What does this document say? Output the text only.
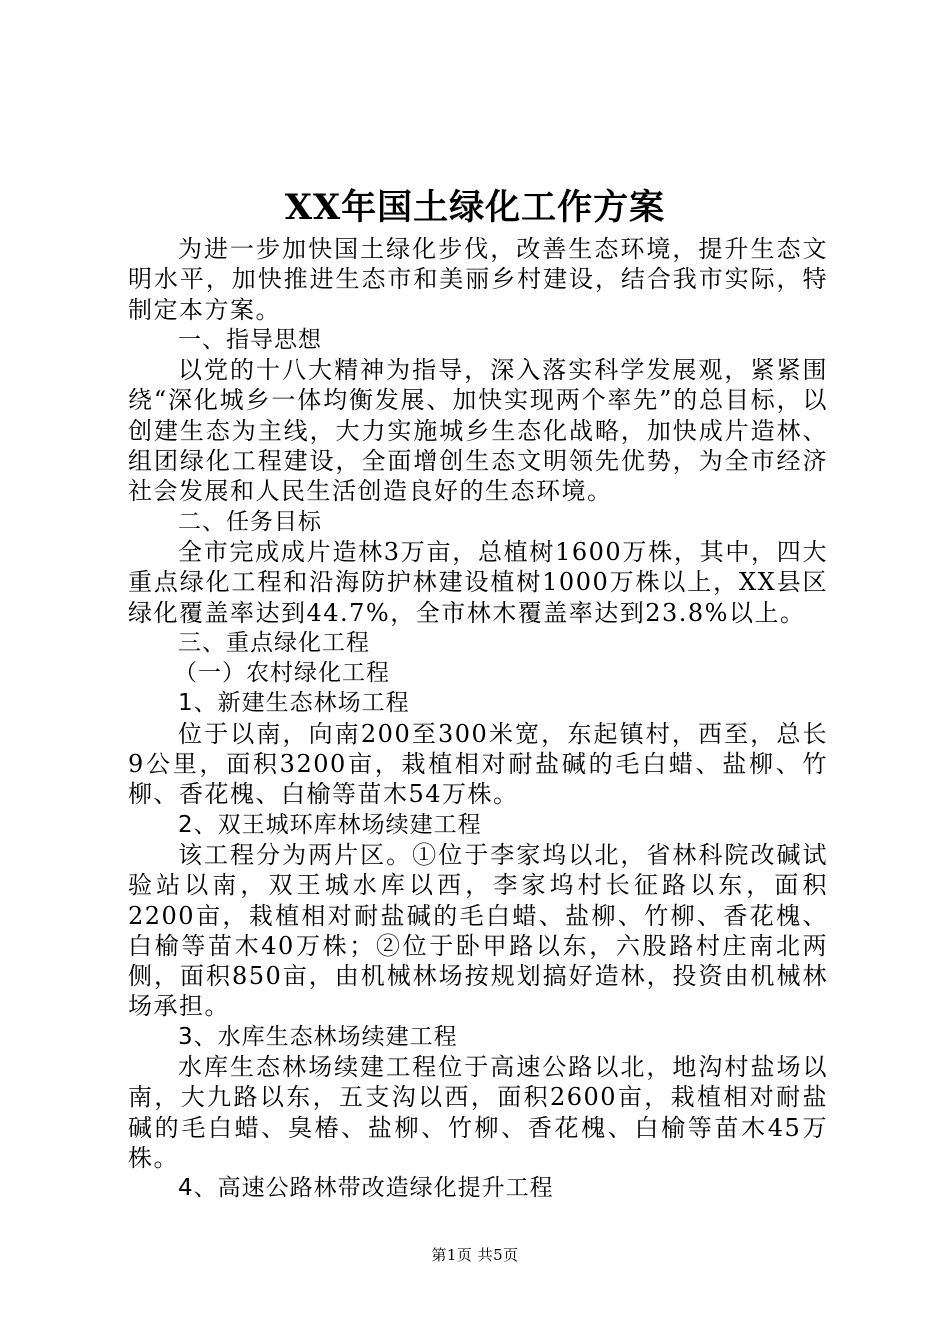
XX年国土绿化工作方案

为进一步加快国土绿化步伐，改善生态环境，提升生态文明水平，加快推进生态市和美丽乡村建设，结合我市实际，特制定本方案。

一、指导思想

以党的十八大精神为指导，深入落实科学发展观，紧紧围绕“深化城乡一体均衡发展、加快实现两个率先”的总目标，以创建生态为主线，大力实施城乡生态化战略，加快成片造林、组团绿化工程建设，全面增创生态文明领先优势，为全市经济社会发展和人民生活创造良好的生态环境。

二、任务目标

全市完成成片造林3万亩，总植树1600万株，其中，四大重点绿化工程和沿海防护林建设植树1000万株以上，XX县区绿化覆盖率达到44.7%，全市林木覆盖率达到23.8%以上。

三、重点绿化工程

（一）农村绿化工程

1、新建生态林场工程

位于以南，向南200至300米宽，东起镇村，西至，总长9公里，面积3200亩，栽植相对耐盐碱的毛白蜡、盐柳、竹柳、香花槐、白榆等苗木54万株。

2、双王城环库林场续建工程

该工程分为两片区。①位于李家坞以北，省林科院改碱试验站以南，双王城水库以西，李家坞村长征路以东，面积2200亩，栽植相对耐盐碱的毛白蜡、盐柳、竹柳、香花槐、白榆等苗木40万株；②位于卧甲路以东，六股路村庄南北两侧，面积850亩，由机械林场按规划搞好造林，投资由机械林场承担。

3、水库生态林场续建工程

水库生态林场续建工程位于高速公路以北，地沟村盐场以南，大九路以东，五支沟以西，面积2600亩，栽植相对耐盐碱的毛白蜡、臭椿、盐柳、竹柳、香花槐、白榆等苗木45万株。

4、高速公路林带改造绿化提升工程

第1页 共5页
